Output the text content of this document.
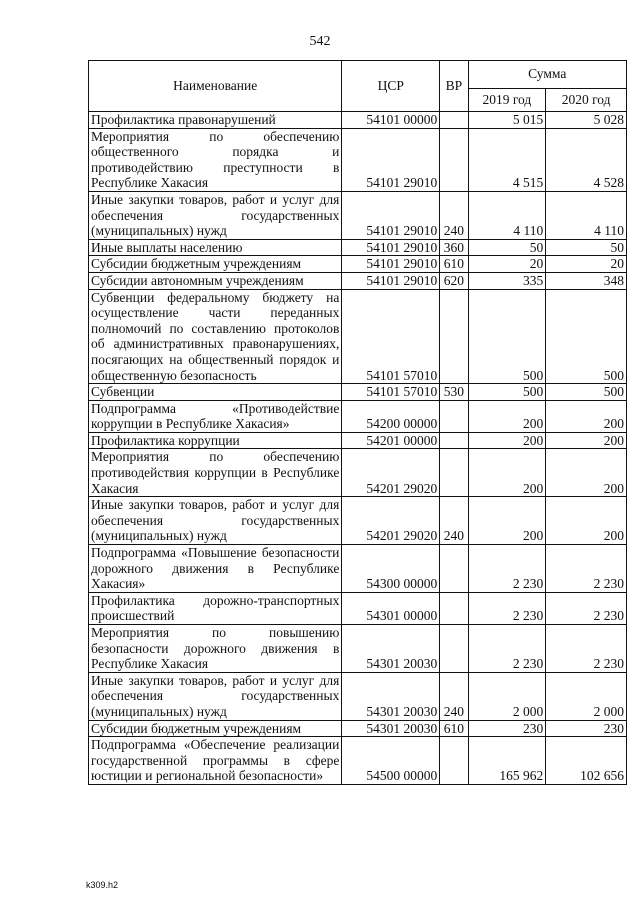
542
Наименование	ЦСР	ВР	Сумма	
			2019 год	2020 год
Профилактика правонарушений	54101 00000		5 015	5 028
Мероприятия по обеспечению общественного порядка и противодействию преступности в Республике Хакасия	54101 29010		4 515	4 528
Иные закупки товаров, работ и услуг для обеспечения государственных (муниципальных) нужд	54101 29010	240	4 110	4 110
Иные выплаты населению	54101 29010	360	50	50
Субсидии бюджетным учреждениям	54101 29010	610	20	20
Субсидии автономным учреждениям	54101 29010	620	335	348
Субвенции федеральному бюджету на осуществление части переданных полномочий по составлению протоколов об административных правонарушениях, посягающих на общественный порядок и общественную безопасность	54101 57010		500	500
Субвенции	54101 57010	530	500	500
Подпрограмма «Противодействие коррупции в Республике Хакасия»	54200 00000		200	200
Профилактика коррупции	54201 00000		200	200
Мероприятия по обеспечению противодействия коррупции в Республике Хакасия	54201 29020		200	200
Иные закупки товаров, работ и услуг для обеспечения государственных (муниципальных) нужд	54201 29020	240	200	200
Подпрограмма «Повышение безопасности дорожного движения в Республике Хакасия»	54300 00000		2 230	2 230
Профилактика дорожно-транспортных происшествий	54301 00000		2 230	2 230
Мероприятия по повышению безопасности дорожного движения в Республике Хакасия	54301 20030		2 230	2 230
Иные закупки товаров, работ и услуг для обеспечения государственных (муниципальных) нужд	54301 20030	240	2 000	2 000
Субсидии бюджетным учреждениям	54301 20030	610	230	230
Подпрограмма «Обеспечение реализации государственной программы в сфере юстиции и региональной безопасности»	54500 00000		165 962	102 656
k309.h2
